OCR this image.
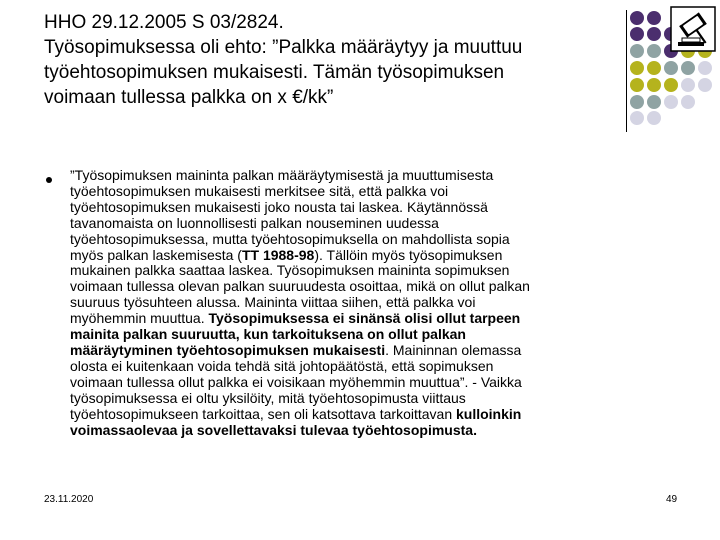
HHO 29.12.2005 S 03/2824.
Työsopimuksessa oli ehto: ”Palkka määräytyy ja muuttuu
työehtosopimuksen mukaisesti. Tämän työsopimuksen
voimaan tullessa palkka on x €/kk”
”Työsopimuksen maininta palkan määräytymisestä ja muuttumisesta
työehtosopimuksen mukaisesti merkitsee sitä, että palkka voi
työehtosopimuksen mukaisesti joko nousta tai laskea. Käytännössä
tavanomaista on luonnollisesti palkan nouseminen uudessa
työehtosopimuksessa, mutta työehtosopimuksella on mahdollista sopia
myös palkan laskemisesta (TT 1988-98). Tällöin myös työsopimuksen
mukainen palkka saattaa laskea. Työsopimuksen maininta sopimuksen
voimaan tullessa olevan palkan suuruudesta osoittaa, mikä on ollut palkan
suuruus työsuhteen alussa. Maininta viittaa siihen, että palkka voi
myöhemmin muuttua. Työsopimuksessa ei sinänsä olisi ollut tarpeen
mainita palkan suuruutta, kun tarkoituksena on ollut palkan
määräytyminen työehtosopimuksen mukaisesti. Maininnan olemassa
olosta ei kuitenkaan voida tehdä sitä johtopäätöstä, että sopimuksen
voimaan tullessa ollut palkka ei voisikaan myöhemmin muuttua”. - Vaikka
työsopimuksessa ei oltu yksilöity, mitä työehtosopimusta viittaus
työehtosopimukseen tarkoittaa, sen oli katsottava tarkoittavan kulloinkin
voimassaolevaa ja sovellettavaksi tulevaa työehtosopimusta.
23.11.2020	49
